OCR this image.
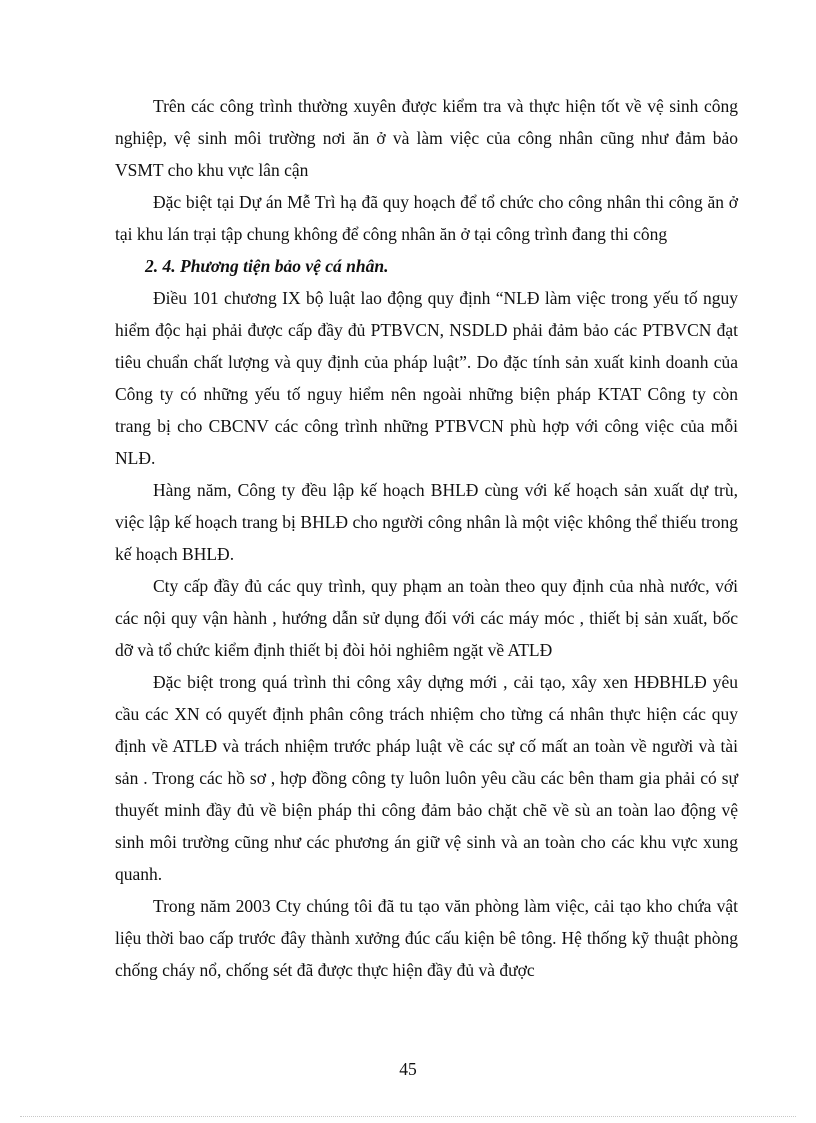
Trên các công trình thường xuyên được kiểm tra và thực hiện tốt về vệ sinh công nghiệp, vệ sinh môi trường nơi ăn ở và làm việc của công nhân cũng như đảm bảo VSMT cho khu vực lân cận

Đặc biệt tại Dự án Mễ Trì hạ đã quy hoạch để tổ chức cho công nhân thi công ăn ở tại khu lán trại tập chung không để công nhân ăn ở tại công trình đang thi công

2. 4. Phương tiện bảo vệ cá nhân.

Điều 101 chương IX bộ luật lao động quy định “NLĐ làm việc trong yếu tố nguy hiểm độc hại phải được cấp đầy đủ PTBVCN, NSDLD phải đảm bảo các PTBVCN đạt tiêu chuẩn chất lượng và quy định của pháp luật”. Do đặc tính sản xuất kinh doanh của Công ty có những yếu tố nguy hiểm nên ngoài những biện pháp KTAT Công ty còn trang bị cho CBCNV các công trình những PTBVCN phù hợp với công việc của mỗi NLĐ.

Hàng năm, Công ty đều lập kế hoạch BHLĐ cùng với kế hoạch sản xuất dự trù, việc lập kế hoạch trang bị BHLĐ cho người công nhân là một việc không thể thiếu trong kế hoạch BHLĐ.

Cty cấp đầy đủ các quy trình, quy phạm an toàn theo quy định của nhà nước, với các nội quy vận hành , hướng dẫn sử dụng đối với các máy móc , thiết bị sản xuất, bốc dỡ và tổ chức kiểm định thiết bị đòi hỏi nghiêm ngặt về ATLĐ

Đặc biệt trong quá trình thi công xây dựng mới , cải tạo, xây xen HĐBHLĐ yêu cầu các XN có quyết định phân công trách nhiệm cho từng cá nhân thực hiện các quy định về ATLĐ và trách nhiệm trước pháp luật về các sự cố mất an toàn về người và tài sản . Trong các hồ sơ , hợp đồng công ty luôn luôn yêu cầu các bên tham gia phải có sự thuyết minh đầy đủ về biện pháp thi công đảm bảo chặt chẽ về sù an toàn lao động vệ sinh môi trường cũng như các phương án giữ vệ sinh và an toàn cho các khu vực xung quanh.

Trong năm 2003 Cty chúng tôi đã tu tạo văn phòng làm việc, cải tạo kho chứa vật liệu thời bao cấp trước đây thành xưởng đúc cấu kiện bê tông. Hệ thống kỹ thuật phòng chống cháy nổ, chống sét đã được thực hiện đầy đủ và được

45
